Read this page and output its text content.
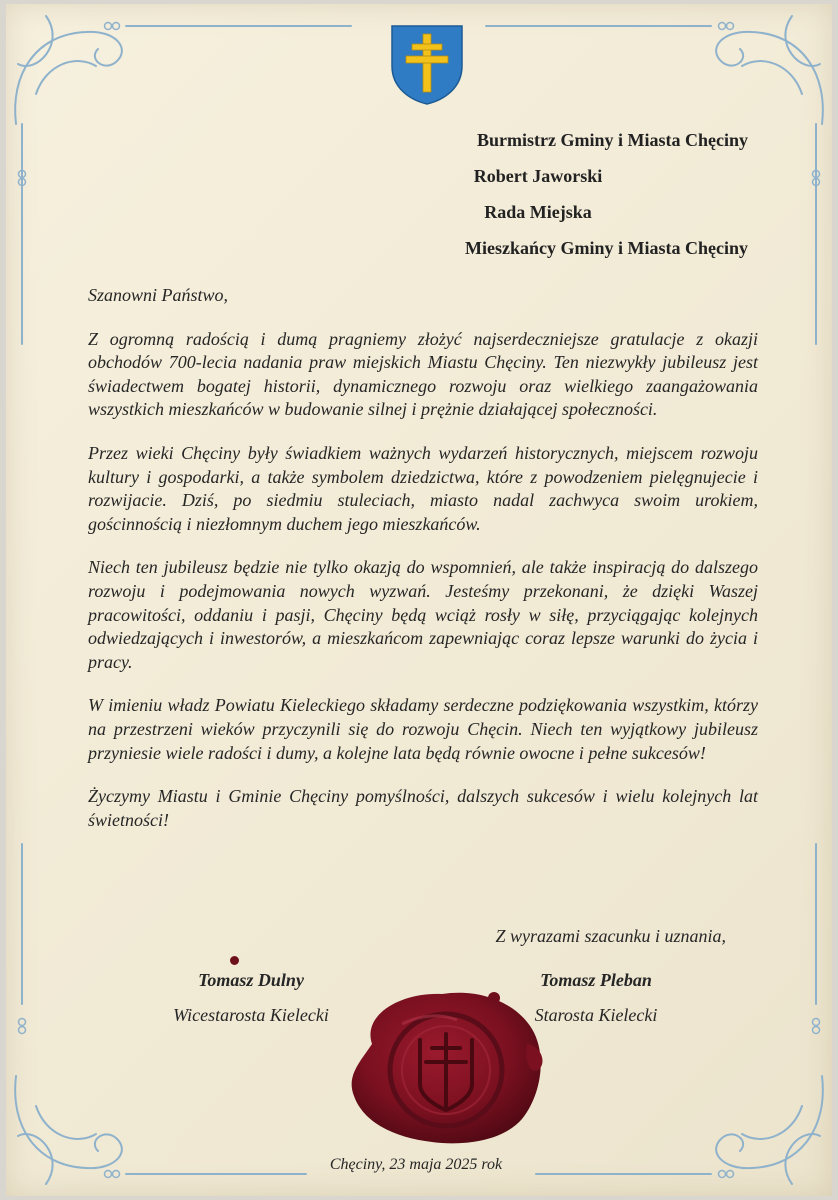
Burmistrz Gminy i Miasta Chęciny
Robert Jaworski
Rada Miejska
Mieszkańcy Gminy i Miasta Chęciny

Szanowni Państwo,

Z ogromną radością i dumą pragniemy złożyć najserdeczniejsze gratulacje z okazji obchodów 700-lecia nadania praw miejskich Miastu Chęciny. Ten niezwykły jubileusz jest świadectwem bogatej historii, dynamicznego rozwoju oraz wielkiego zaangażowania wszystkich mieszkańców w budowanie silnej i prężnie działającej społeczności.

Przez wieki Chęciny były świadkiem ważnych wydarzeń historycznych, miejscem rozwoju kultury i gospodarki, a także symbolem dziedzictwa, które z powodzeniem pielęgnujecie i rozwijacie. Dziś, po siedmiu stuleciach, miasto nadal zachwyca swoim urokiem, gościnnością i niezłomnym duchem jego mieszkańców.

Niech ten jubileusz będzie nie tylko okazją do wspomnień, ale także inspiracją do dalszego rozwoju i podejmowania nowych wyzwań. Jesteśmy przekonani, że dzięki Waszej pracowitości, oddaniu i pasji, Chęciny będą wciąż rosły w siłę, przyciągając kolejnych odwiedzających i inwestorów, a mieszkańcom zapewniając coraz lepsze warunki do życia i pracy.

W imieniu władz Powiatu Kieleckiego składamy serdeczne podziękowania wszystkim, którzy na przestrzeni wieków przyczynili się do rozwoju Chęcin. Niech ten wyjątkowy jubileusz przyniesie wiele radości i dumy, a kolejne lata będą równie owocne i pełne sukcesów!

Życzymy Miastu i Gminie Chęciny pomyślności, dalszych sukcesów i wielu kolejnych lat świetności!

Z wyrazami szacunku i uznania,
Tomasz Dulny
Wicestarosta Kielecki
Tomasz Pleban
Starosta Kielecki
Chęciny, 23 maja 2025 rok
